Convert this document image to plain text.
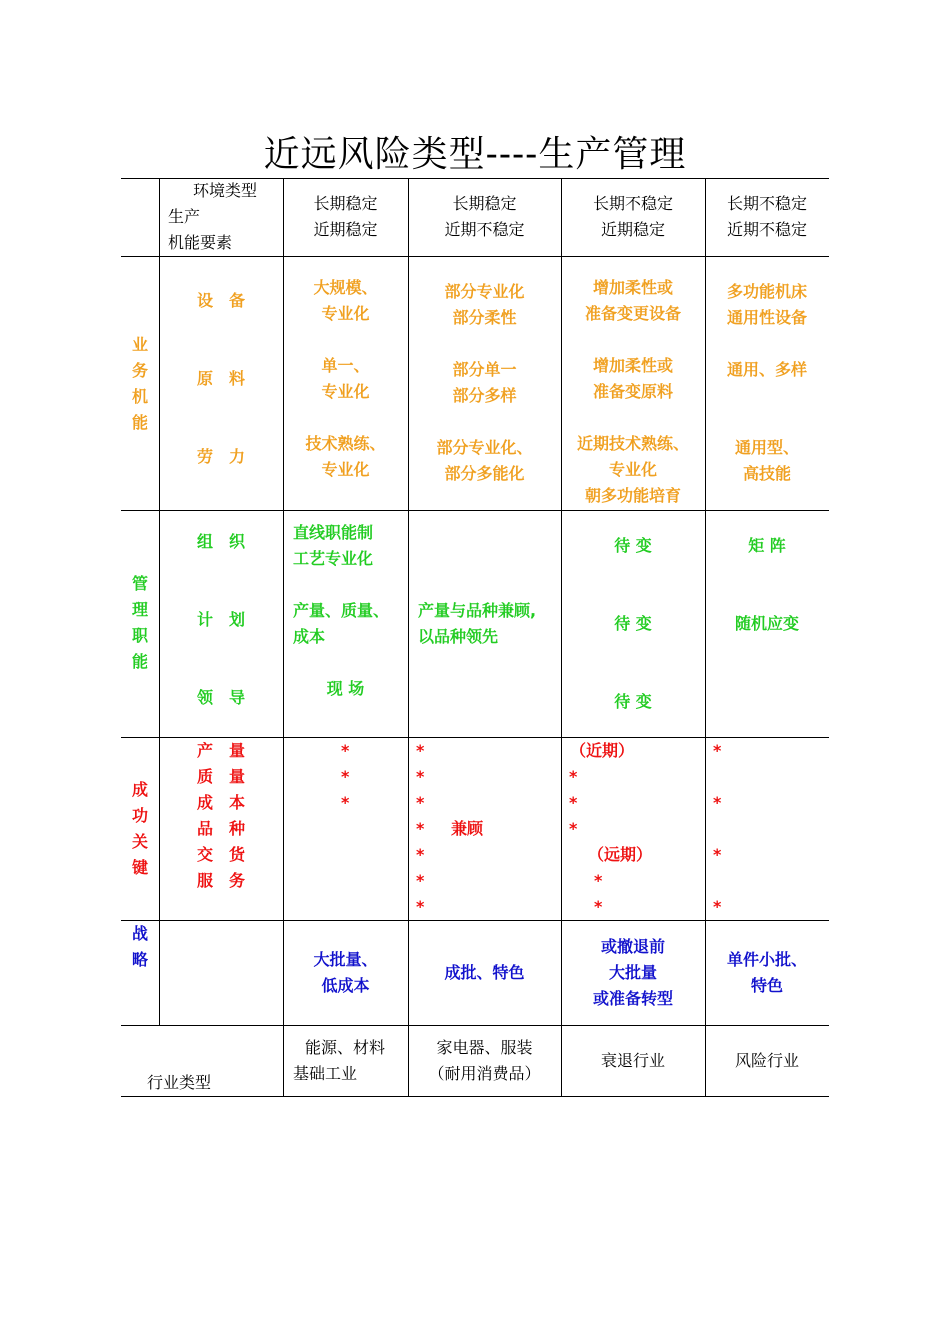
近远风险类型----生产管理
环境类型
生产
机能要素
长期稳定
近期稳定
长期稳定
近期不稳定
长期不稳定
近期稳定
长期不稳定
近期不稳定
业务机能
管理职能
成功关键
战略
行业类型
设　备
原　料
劳　力
大规模、
专业化
单一、
专业化
技术熟练、
专业化
部分专业化
部分柔性
部分单一
部分多样
部分专业化、
部分多能化
增加柔性或
准备变更设备
增加柔性或
准备变原料
近期技术熟练、
专业化
朝多功能培育
多功能机床
通用性设备
通用、多样
通用型、
高技能
组　织
计　划
领　导
直线职能制
工艺专业化
产量、质量、
成本
现 场
产量与品种兼顾,
以品种领先
待 变
待 变
待 变
矩 阵
随机应变
产　量
质　量
成　本
品　种
交　货
服　务
*
*
*
*
*
*
* 兼顾
*
*
*
（近期）
*
*
*
（远期）
*
*
*
*
*
*
大批量、
低成本
成批、特色
或撤退前
大批量
或准备转型
单件小批、
特色
能源、材料
基础工业
家电器、服装
（耐用消费品）
衰退行业	风险行业
